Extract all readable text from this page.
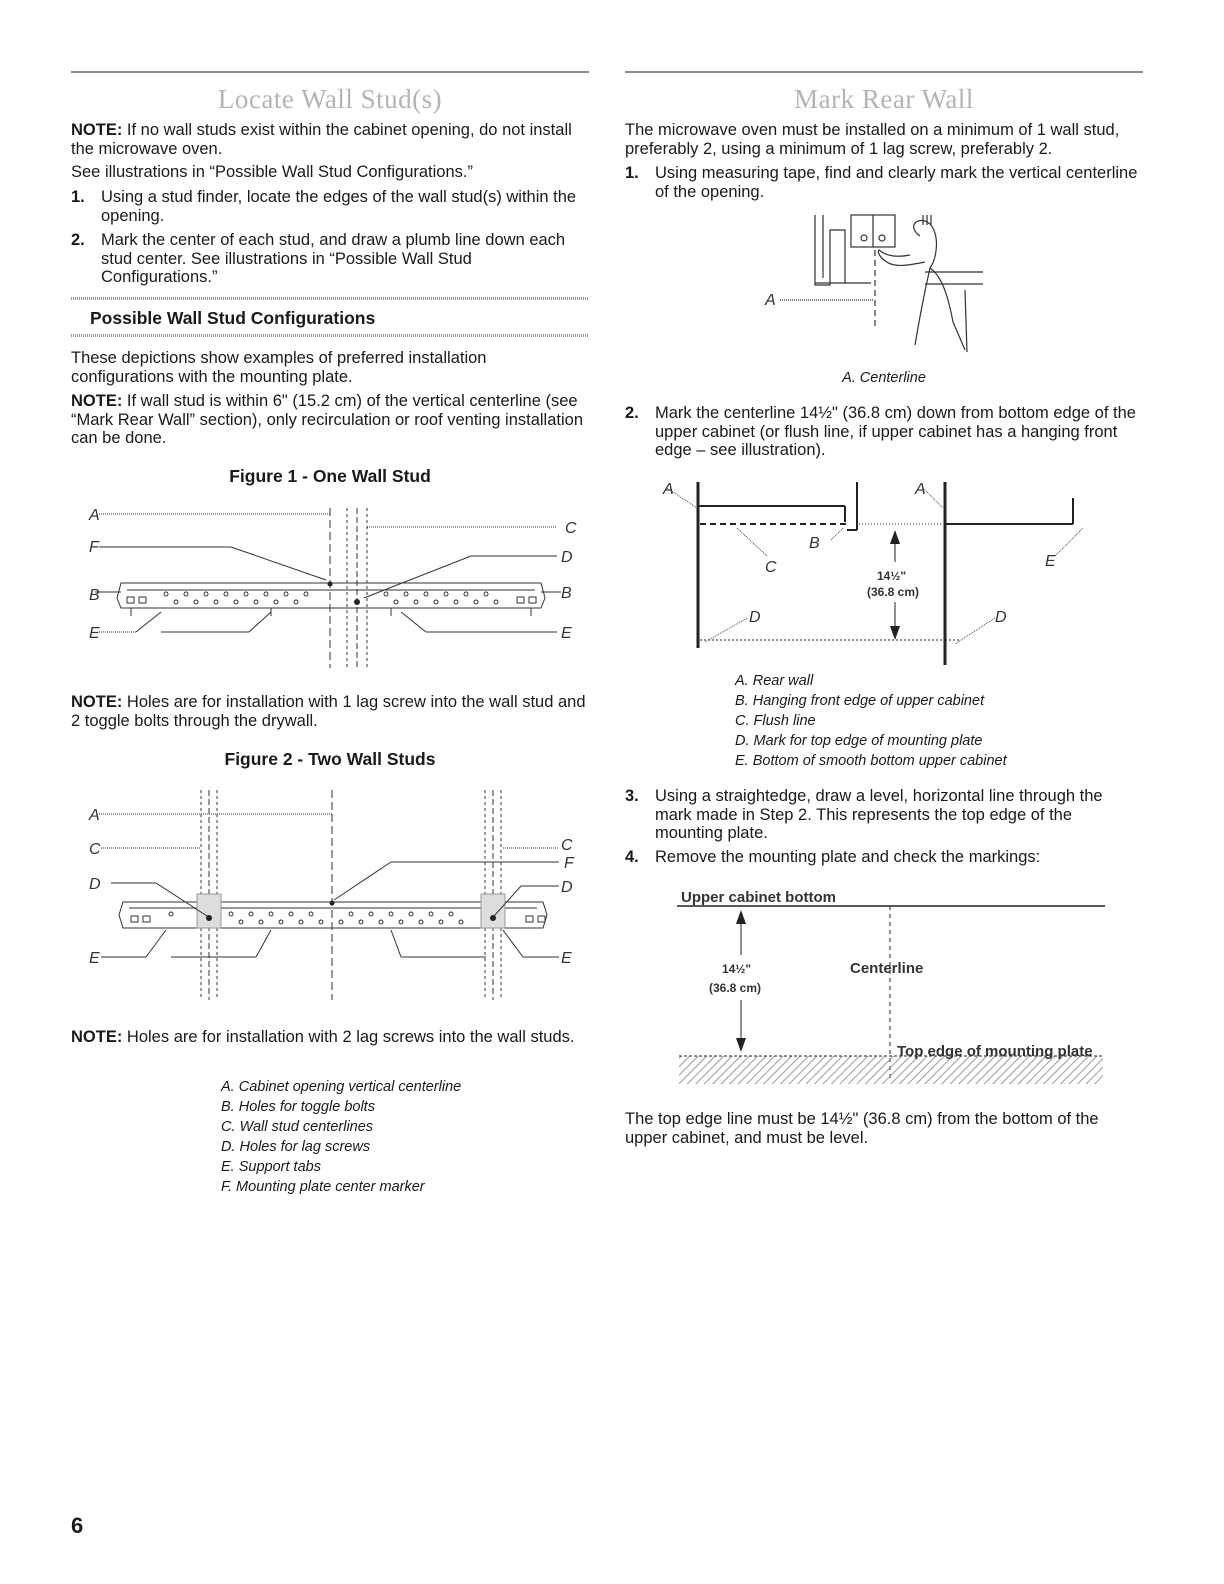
Locate Wall Stud(s)

NOTE: If no wall studs exist within the cabinet opening, do not install the microwave oven.

See illustrations in “Possible Wall Stud Configurations.”

1. Using a stud finder, locate the edges of the wall stud(s) within the opening.
2. Mark the center of each stud, and draw a plumb line down each stud center. See illustrations in “Possible Wall Stud Configurations.”
Possible Wall Stud Configurations

These depictions show examples of preferred installation configurations with the mounting plate.

NOTE: If wall stud is within 6" (15.2 cm) of the vertical centerline (see “Mark Rear Wall” section), only recirculation or roof venting installation can be done.

Figure 1 - One Wall Stud
A
F
B
E
C
D
B
E

NOTE: Holes are for installation with 1 lag screw into the wall stud and 2 toggle bolts through the drywall.

Figure 2 - Two Wall Studs
A
C
D
E
C
F
D
E

NOTE: Holes are for installation with 2 lag screws into the wall studs.

A. Cabinet opening vertical centerline
B. Holes for toggle bolts
C. Wall stud centerlines
D. Holes for lag screws
E. Support tabs
F. Mounting plate center marker
Mark Rear Wall

The microwave oven must be installed on a minimum of 1 wall stud, preferably 2, using a minimum of 1 lag screw, preferably 2.

1. Using measuring tape, find and clearly mark the vertical centerline of the opening.
A
A. Centerline
2. Mark the centerline 14½" (36.8 cm) down from bottom edge of the upper cabinet (or flush line, if upper cabinet has a hanging front edge – see illustration).
A	A
B
C
D	D
E
14½"
(36.8 cm)
A. Rear wall
B. Hanging front edge of upper cabinet
C. Flush line
D. Mark for top edge of mounting plate
E. Bottom of smooth bottom upper cabinet
3. Using a straightedge, draw a level, horizontal line through the mark made in Step 2. This represents the top edge of the mounting plate.
4. Remove the mounting plate and check the markings:
Upper cabinet bottom
14½"
(36.8 cm)
Centerline
Top edge of mounting plate

The top edge line must be 14½" (36.8 cm) from the bottom of the upper cabinet, and must be level.

6
